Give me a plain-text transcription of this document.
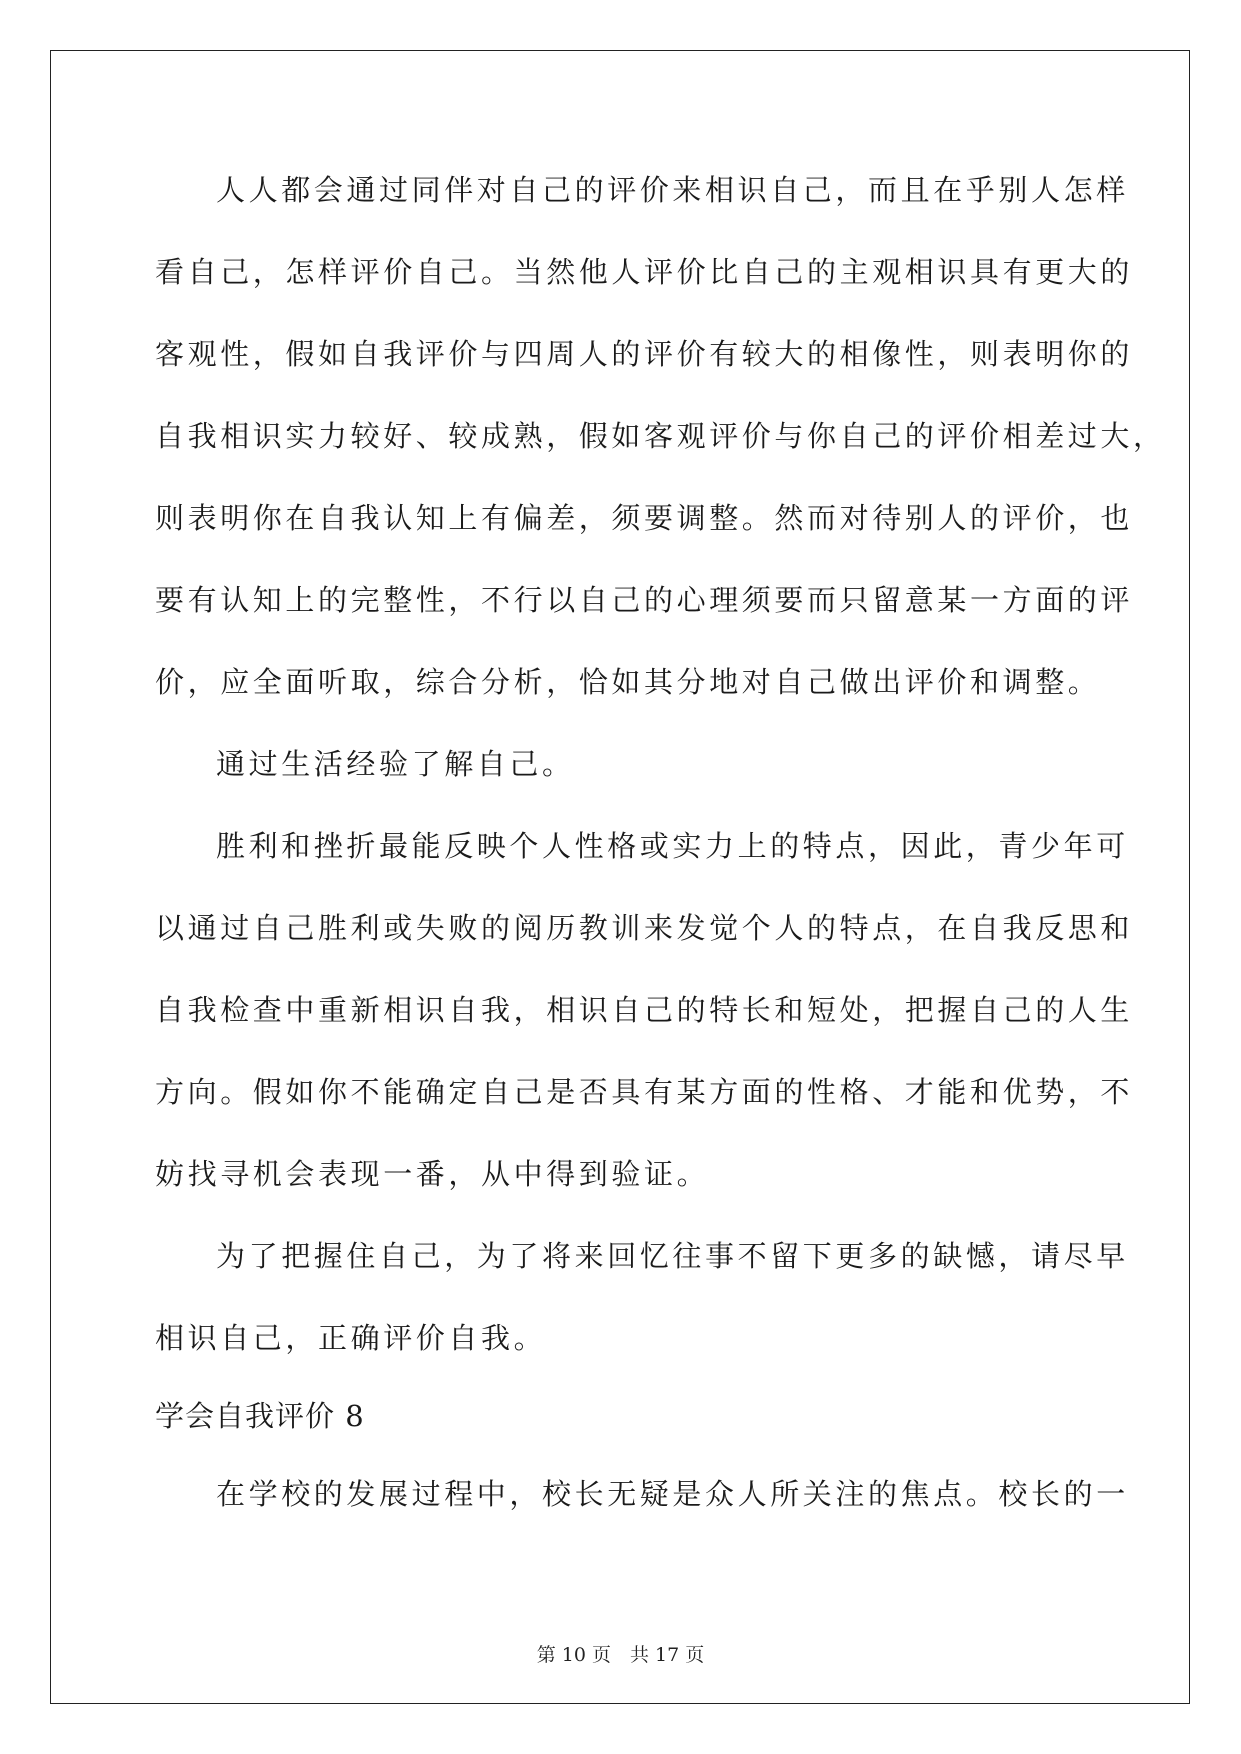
人人都会通过同伴对自己的评价来相识自己，而且在乎别人怎样
看自己，怎样评价自己。当然他人评价比自己的主观相识具有更大的
客观性，假如自我评价与四周人的评价有较大的相像性，则表明你的
自我相识实力较好、较成熟，假如客观评价与你自己的评价相差过大，
则表明你在自我认知上有偏差，须要调整。然而对待别人的评价，也
要有认知上的完整性，不行以自己的心理须要而只留意某一方面的评
价，应全面听取，综合分析，恰如其分地对自己做出评价和调整。
通过生活经验了解自己。
胜利和挫折最能反映个人性格或实力上的特点，因此，青少年可
以通过自己胜利或失败的阅历教训来发觉个人的特点，在自我反思和
自我检查中重新相识自我，相识自己的特长和短处，把握自己的人生
方向。假如你不能确定自己是否具有某方面的性格、才能和优势，不
妨找寻机会表现一番，从中得到验证。
为了把握住自己，为了将来回忆往事不留下更多的缺憾，请尽早
相识自己，正确评价自我。
学会自我评价 8
在学校的发展过程中，校长无疑是众人所关注的焦点。校长的一
第 10 页　共 17 页
